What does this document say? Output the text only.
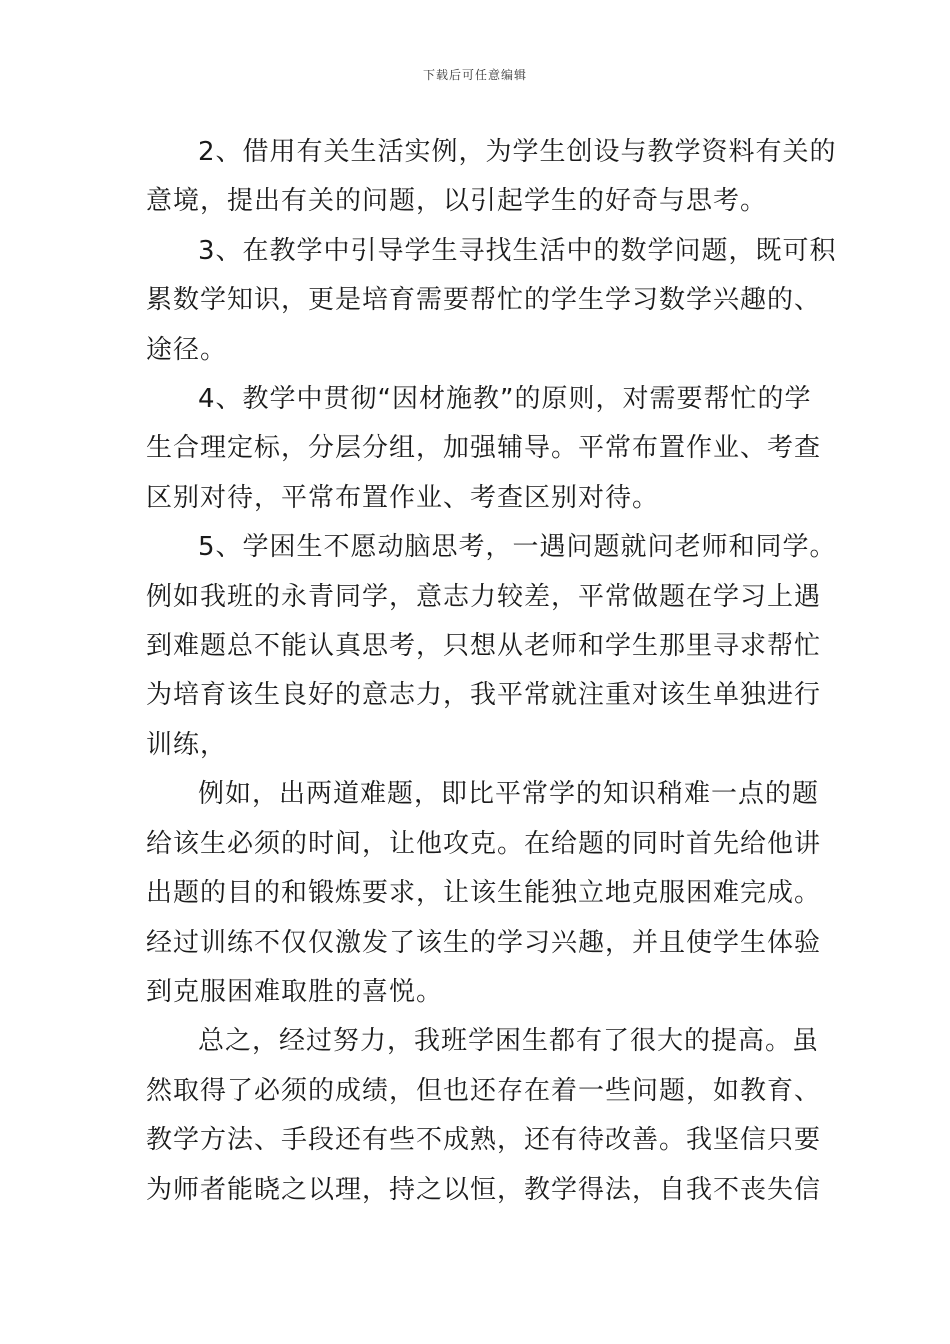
下载后可任意编辑
2、借用有关生活实例，为学生创设与教学资料有关的
意境，提出有关的问题，以引起学生的好奇与思考。
3、在教学中引导学生寻找生活中的数学问题，既可积
累数学知识，更是培育需要帮忙的学生学习数学兴趣的、
途径。
4、教学中贯彻“因材施教”的原则，对需要帮忙的学
生合理定标，分层分组，加强辅导。平常布置作业、考查
区别对待，平常布置作业、考查区别对待。
5、学困生不愿动脑思考，一遇问题就问老师和同学。
例如我班的永青同学，意志力较差，平常做题在学习上遇
到难题总不能认真思考，只想从老师和学生那里寻求帮忙
为培育该生良好的意志力，我平常就注重对该生单独进行
训练，
例如，出两道难题，即比平常学的知识稍难一点的题
给该生必须的时间，让他攻克。在给题的同时首先给他讲
出题的目的和锻炼要求，让该生能独立地克服困难完成。
经过训练不仅仅激发了该生的学习兴趣，并且使学生体验
到克服困难取胜的喜悦。
总之，经过努力，我班学困生都有了很大的提高。虽
然取得了必须的成绩，但也还存在着一些问题，如教育、
教学方法、手段还有些不成熟，还有待改善。我坚信只要
为师者能晓之以理，持之以恒，教学得法，自我不丧失信
